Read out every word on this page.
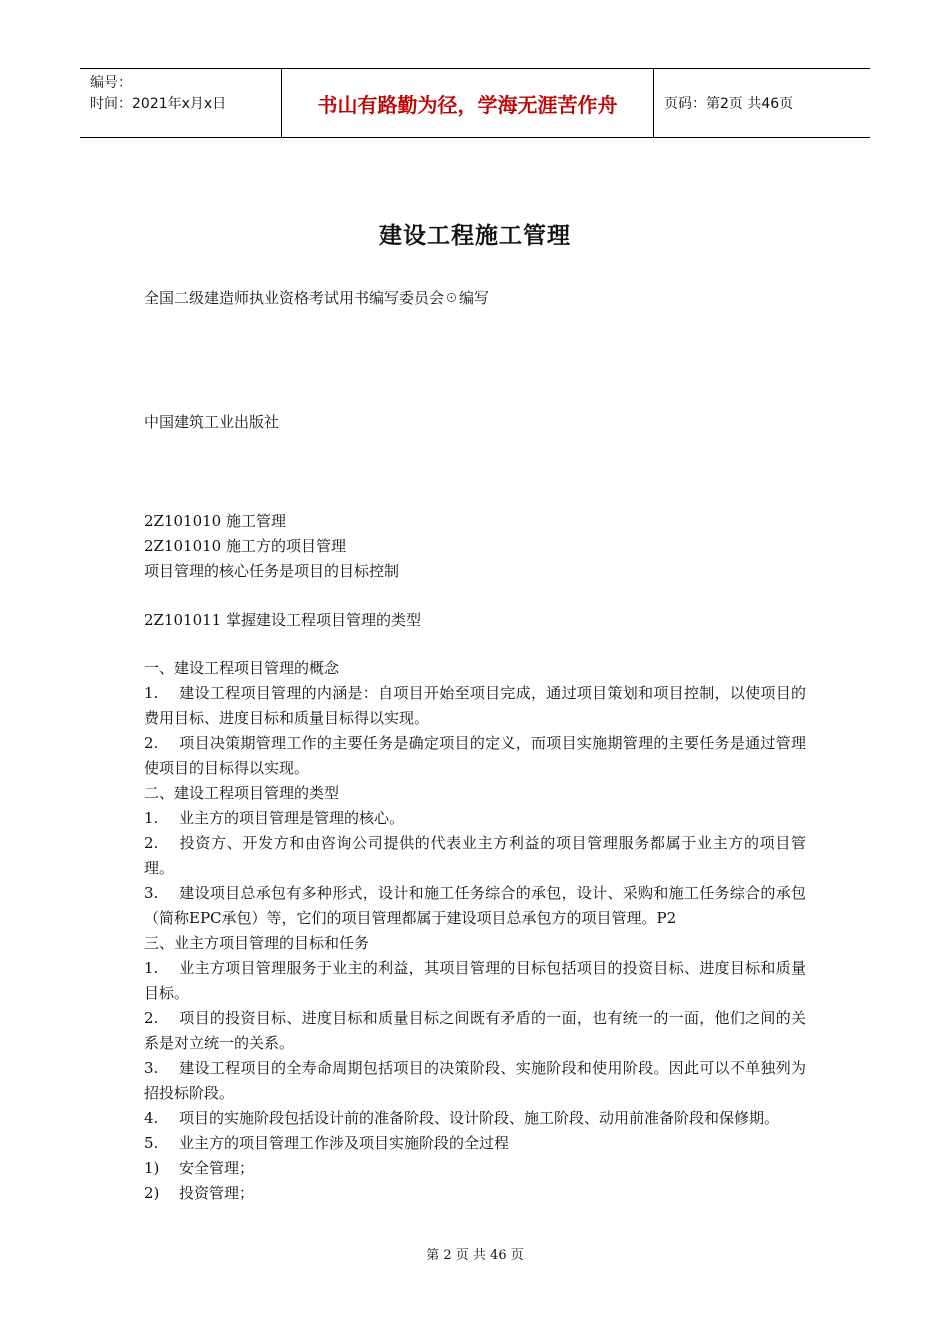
编号：
时间：2021年x月x日	书山有路勤为径，学海无涯苦作舟	页码：第2页 共46页
建设工程施工管理
全国二级建造师执业资格考试用书编写委员会☉编写
中国建筑工业出版社
2Z101010 施工管理
2Z101010 施工方的项目管理
项目管理的核心任务是项目的目标控制
2Z101011 掌握建设工程项目管理的类型
一、建设工程项目管理的概念
1. 建设工程项目管理的内涵是：自项目开始至项目完成，通过项目策划和项目控制，以使项目的费用目标、进度目标和质量目标得以实现。
2. 项目决策期管理工作的主要任务是确定项目的定义，而项目实施期管理的主要任务是通过管理使项目的目标得以实现。
二、建设工程项目管理的类型
1. 业主方的项目管理是管理的核心。
2. 投资方、开发方和由咨询公司提供的代表业主方利益的项目管理服务都属于业主方的项目管理。
3. 建设项目总承包有多种形式，设计和施工任务综合的承包，设计、采购和施工任务综合的承包（简称EPC承包）等，它们的项目管理都属于建设项目总承包方的项目管理。P2
三、业主方项目管理的目标和任务
1. 业主方项目管理服务于业主的利益，其项目管理的目标包括项目的投资目标、进度目标和质量目标。
2. 项目的投资目标、进度目标和质量目标之间既有矛盾的一面，也有统一的一面，他们之间的关系是对立统一的关系。
3. 建设工程项目的全寿命周期包括项目的决策阶段、实施阶段和使用阶段。因此可以不单独列为招投标阶段。
4. 项目的实施阶段包括设计前的准备阶段、设计阶段、施工阶段、动用前准备阶段和保修期。
5. 业主方的项目管理工作涉及项目实施阶段的全过程
1) 安全管理；
2) 投资管理；
第 2 页 共 46 页
